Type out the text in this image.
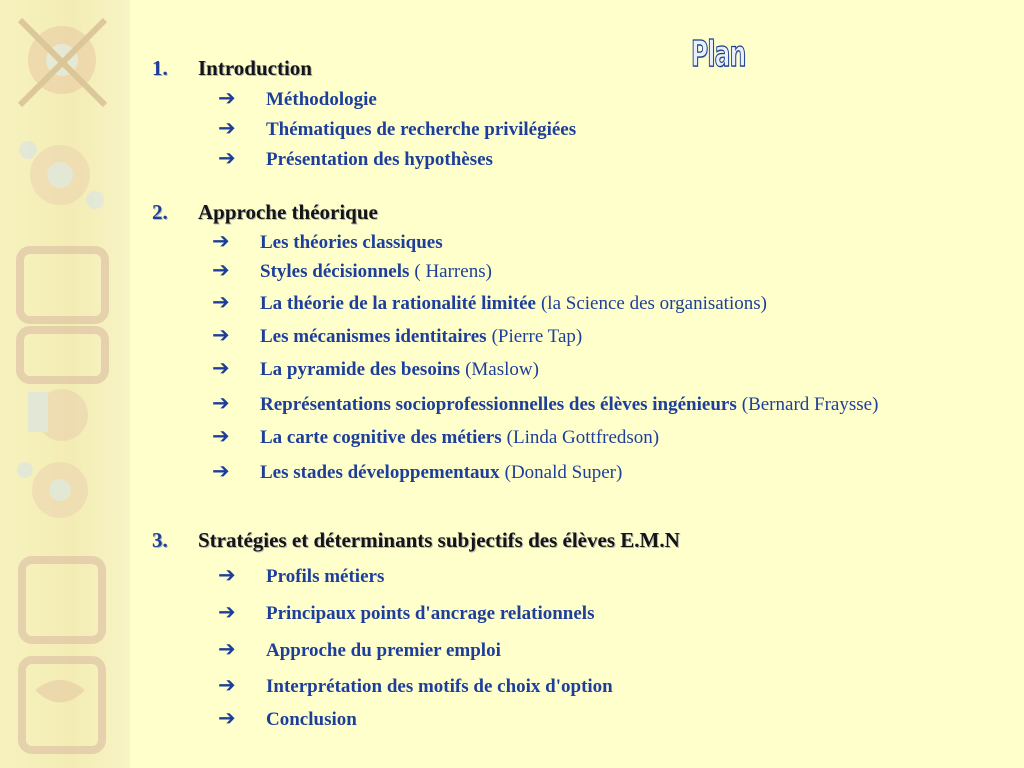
Plan
1.	Introduction
➔	Méthodologie
➔	Thématiques de recherche privilégiées
➔	Présentation des hypothèses
2.	Approche théorique
➔	Les théories classiques
➔	Styles décisionnels ( Harrens)
➔	La théorie de la rationalité limitée (la Science des organisations)
➔	Les mécanismes identitaires (Pierre Tap)
➔	La pyramide des besoins (Maslow)
➔	Représentations socioprofessionnelles des élèves ingénieurs (Bernard Fraysse)
➔	La carte cognitive des métiers (Linda Gottfredson)
➔	Les stades développementaux (Donald Super)
3.	Stratégies et déterminants subjectifs des élèves E.M.N
➔	Profils métiers
➔	Principaux points d'ancrage relationnels
➔	Approche du premier emploi
➔	Interprétation des motifs de choix d'option
➔	Conclusion
